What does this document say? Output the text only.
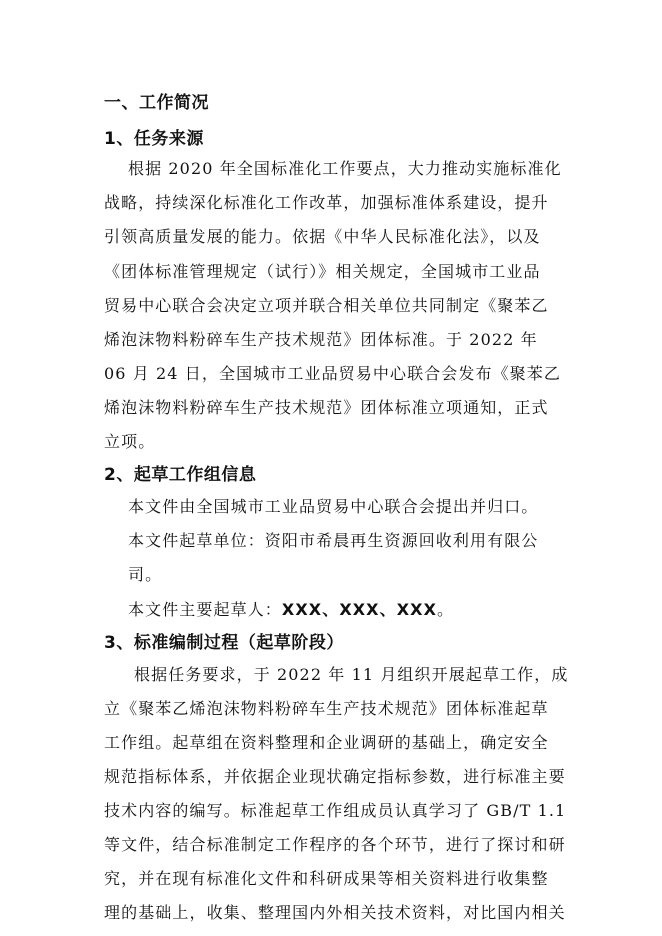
一、工作简况
1、任务来源
根据 2020 年全国标准化工作要点，大力推动实施标准化
战略，持续深化标准化工作改革，加强标准体系建设，提升
引领高质量发展的能力。依据《中华人民标准化法》，以及
《团体标准管理规定（试行）》相关规定，全国城市工业品
贸易中心联合会决定立项并联合相关单位共同制定《聚苯乙
烯泡沫物料粉碎车生产技术规范》团体标准。于 2022 年
06 月 24 日，全国城市工业品贸易中心联合会发布《聚苯乙
烯泡沫物料粉碎车生产技术规范》团体标准立项通知，正式
立项。
2、起草工作组信息
本文件由全国城市工业品贸易中心联合会提出并归口。
本文件起草单位：资阳市希晨再生资源回收利用有限公
司。
本文件主要起草人：XXX、XXX、XXX。
3、标准编制过程（起草阶段）
根据任务要求，于 2022 年 11 月组织开展起草工作，成
立《聚苯乙烯泡沫物料粉碎车生产技术规范》团体标准起草
工作组。起草组在资料整理和企业调研的基础上，确定安全
规范指标体系，并依据企业现状确定指标参数，进行标准主要
技术内容的编写。标准起草工作组成员认真学习了 GB/T 1.1
等文件，结合标准制定工作程序的各个环节，进行了探讨和研
究，并在现有标准化文件和科研成果等相关资料进行收集整
理的基础上，收集、整理国内外相关技术资料，对比国内相关
